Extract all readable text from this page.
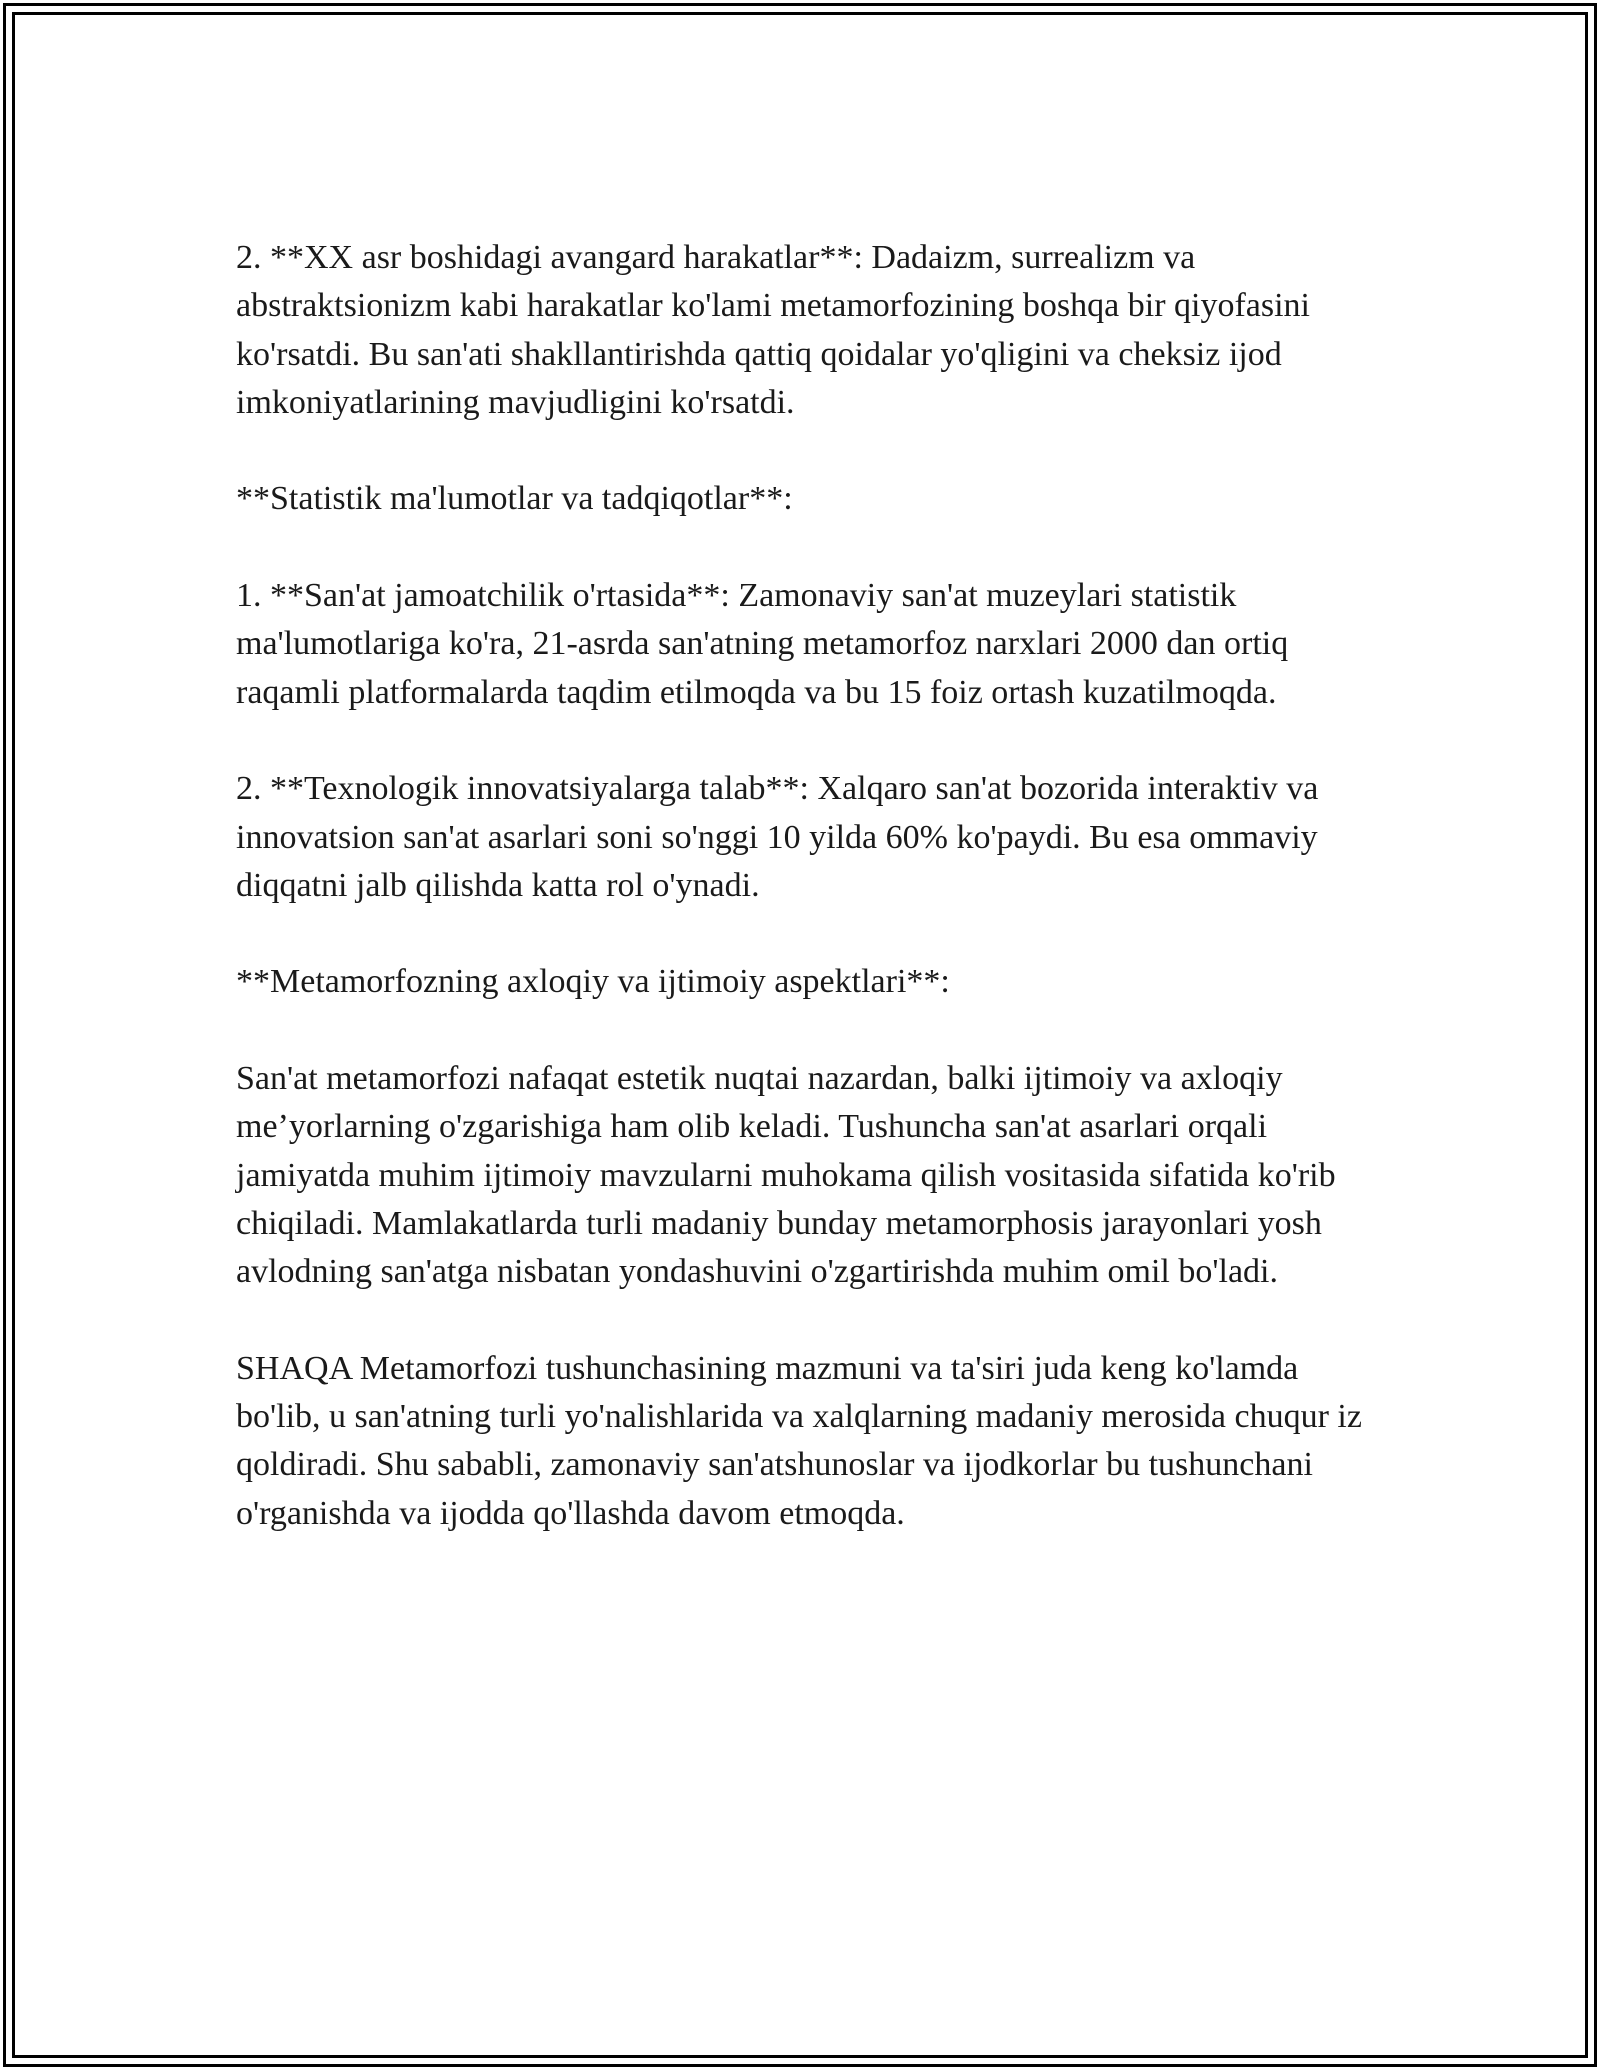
2. **XX asr boshidagi avangard harakatlar**: Dadaizm, surrealizm va abstraktsionizm kabi harakatlar ko'lami metamorfozining boshqa bir qiyofasini ko'rsatdi. Bu san'ati shakllantirishda qattiq qoidalar yo'qligini va cheksiz ijod imkoniyatlarining mavjudligini ko'rsatdi.

**Statistik ma'lumotlar va tadqiqotlar**:

1. **San'at jamoatchilik o'rtasida**: Zamonaviy san'at muzeylari statistik ma'lumotlariga ko'ra, 21-asrda san'atning metamorfoz narxlari 2000 dan ortiq raqamli platformalarda taqdim etilmoqda va bu 15 foiz ortash kuzatilmoqda.

2. **Texnologik innovatsiyalarga talab**: Xalqaro san'at bozorida interaktiv va innovatsion san'at asarlari soni so'nggi 10 yilda 60% ko'paydi. Bu esa ommaviy diqqatni jalb qilishda katta rol o'ynadi.

**Metamorfozning axloqiy va ijtimoiy aspektlari**:

San'at metamorfozi nafaqat estetik nuqtai nazardan, balki ijtimoiy va axloqiy me’yorlarning o'zgarishiga ham olib keladi. Tushuncha san'at asarlari orqali jamiyatda muhim ijtimoiy mavzularni muhokama qilish vositasida sifatida ko'rib chiqiladi. Mamlakatlarda turli madaniy bunday metamorphosis jarayonlari yosh avlodning san'atga nisbatan yondashuvini o'zgartirishda muhim omil bo'ladi.

SHAQA Metamorfozi tushunchasining mazmuni va ta'siri juda keng ko'lamda bo'lib, u san'atning turli yo'nalishlarida va xalqlarning madaniy merosida chuqur iz qoldiradi. Shu sababli, zamonaviy san'atshunoslar va ijodkorlar bu tushunchani o'rganishda va ijodda qo'llashda davom etmoqda.
